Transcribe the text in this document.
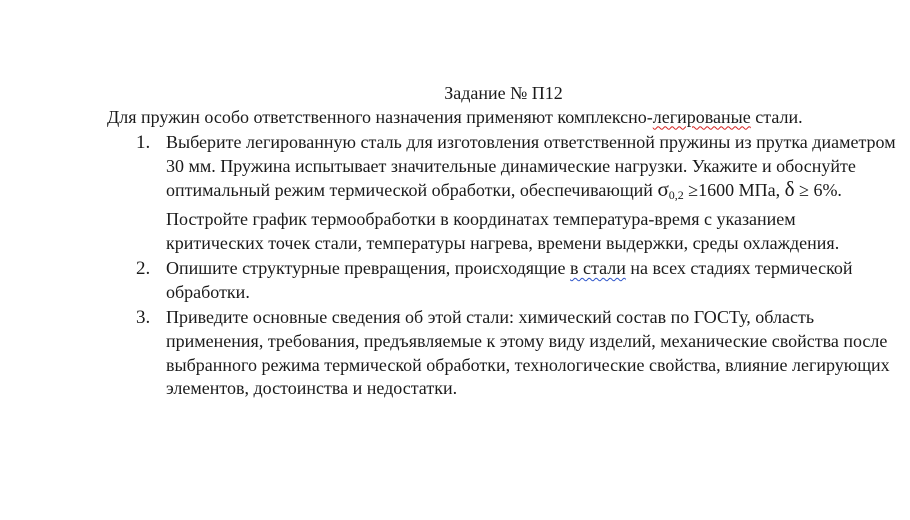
Задание № П12

Для пружин особо ответственного назначения применяют комплексно-легированые стали.

1. Выберите легированную сталь для изготовления ответственной пружины из прутка диаметром 30 мм. Пружина испытывает значительные динамические нагрузки. Укажите и обоснуйте оптимальный режим термической обработки, обеспечивающий $\sigma_{0,2} \ge 1600$ МПа, δ ≥ 6%. Постройте график термообработки в координатах температура-время с указанием критических точек стали, температуры нагрева, времени выдержки, среды охлаждения.
2. Опишите структурные превращения, происходящие в стали на всех стадиях термической обработки.
3. Приведите основные сведения об этой стали: химический состав по ГОСТу, область применения, требования, предъявляемые к этому виду изделий, механические свойства после выбранного режима термической обработки, технологические свойства, влияние легирующих элементов, достоинства и недостатки.
